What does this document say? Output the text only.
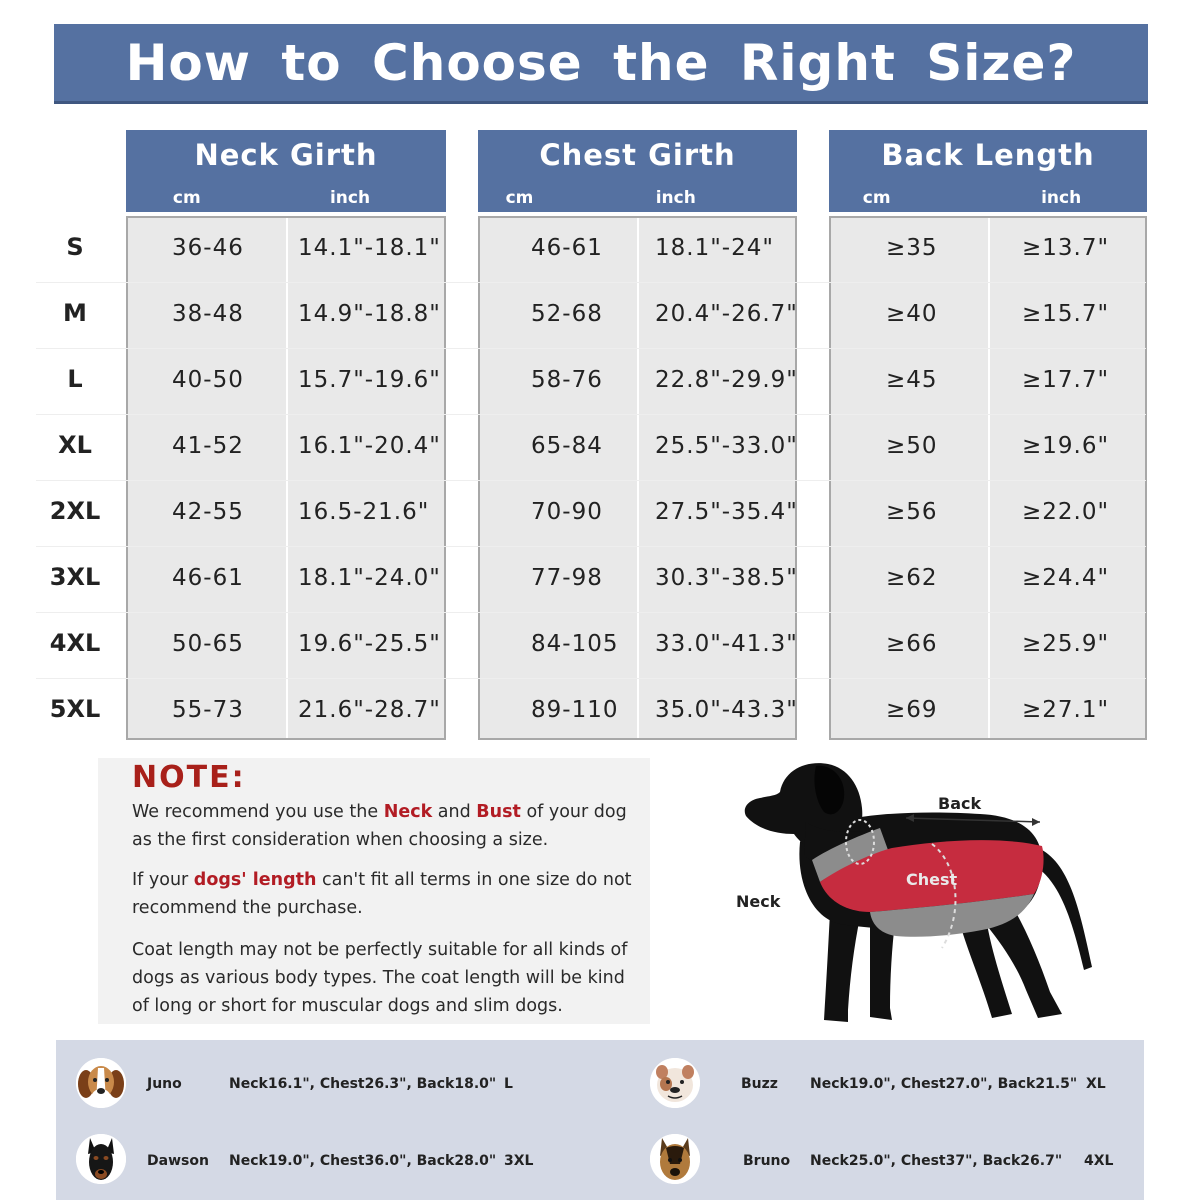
How to Choose the Right Size?
Neck Girth
cm	inch
Chest Girth
cm	inch
Back Length
cm	inch
S	36-46 14.1"-18.1"	46-61 18.1"-24"	≥35	≥13.7"
M	38-48 14.9"-18.8"	52-68 20.4"-26.7"	≥40	≥15.7"
L	40-50 15.7"-19.6"	58-76 22.8"-29.9"	≥45	≥17.7"
XL	41-52 16.1"-20.4"	65-84 25.5"-33.0"	≥50	≥19.6"
2XL	42-55 16.5-21.6"	70-90 27.5"-35.4"	≥56	≥22.0"
3XL	46-61 18.1"-24.0"	77-98 30.3"-38.5"	≥62	≥24.4"
4XL	50-65 19.6"-25.5"	84-105 33.0"-41.3"	≥66	≥25.9"
5XL	55-73 21.6"-28.7"	89-110 35.0"-43.3"	≥69	≥27.1"
NOTE:
We recommend you use the Neck and Bust of your dog as the first consideration when choosing a size.
If your dogs' length can't fit all terms in one size do not recommend the purchase.
Coat length may not be perfectly suitable for all kinds of dogs as various body types. The coat length will be kind of long or short for muscular dogs and slim dogs.
Back
Chest
Neck
Juno	Neck16.1", Chest26.3", Back18.0" L	Buzz Neck19.0", Chest27.0", Back21.5" XL
Dawson Neck19.0", Chest36.0", Back28.0" 3XL	Bruno Neck25.0", Chest37", Back26.7" 4XL
